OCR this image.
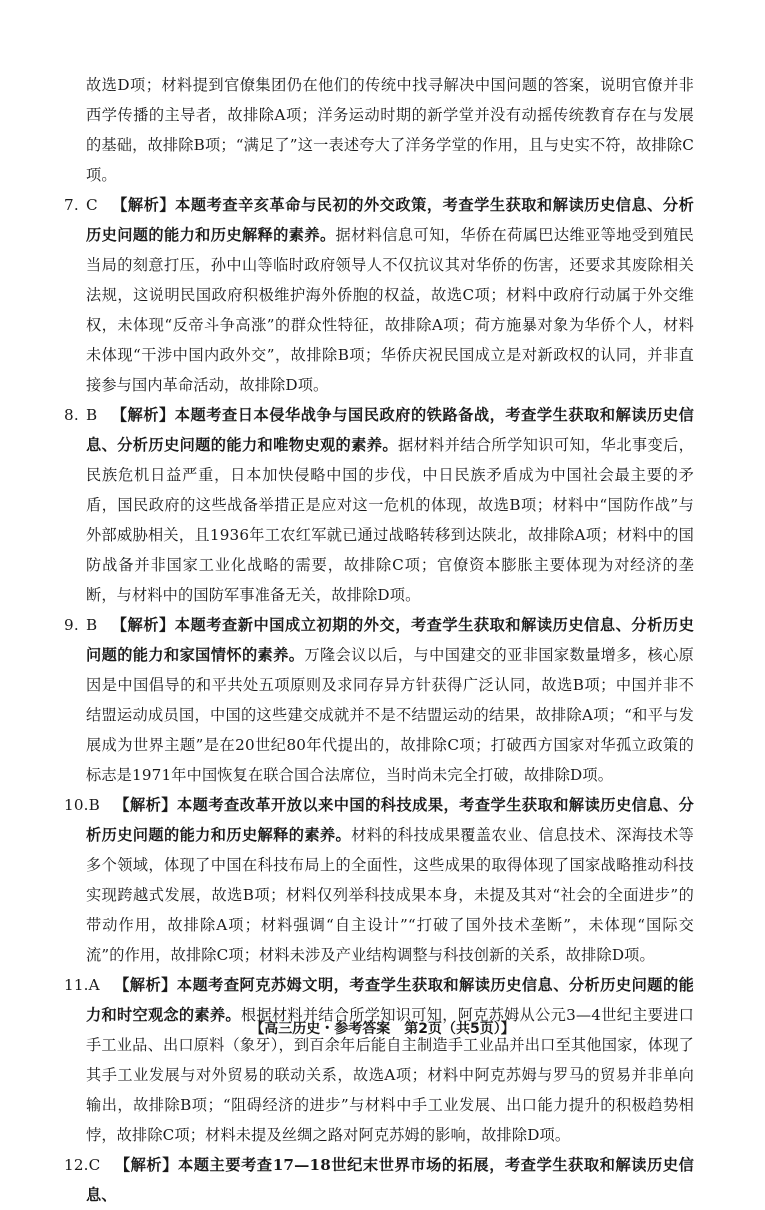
故选D项；材料提到官僚集团仍在他们的传统中找寻解决中国问题的答案，说明官僚并非西学传播的主导者，故排除A项；洋务运动时期的新学堂并没有动摇传统教育存在与发展的基础，故排除B项；“满足了”这一表述夸大了洋务学堂的作用，且与史实不符，故排除C项。

7. C 【解析】本题考查辛亥革命与民初的外交政策，考查学生获取和解读历史信息、分析历史问题的能力和历史解释的素养。据材料信息可知，华侨在荷属巴达维亚等地受到殖民当局的刻意打压，孙中山等临时政府领导人不仅抗议其对华侨的伤害，还要求其废除相关法规，这说明民国政府积极维护海外侨胞的权益，故选C项；材料中政府行动属于外交维权，未体现“反帝斗争高涨”的群众性特征，故排除A项；荷方施暴对象为华侨个人，材料未体现“干涉中国内政外交”，故排除B项；华侨庆祝民国成立是对新政权的认同，并非直接参与国内革命活动，故排除D项。

8. B 【解析】本题考查日本侵华战争与国民政府的铁路备战，考查学生获取和解读历史信息、分析历史问题的能力和唯物史观的素养。据材料并结合所学知识可知，华北事变后，民族危机日益严重，日本加快侵略中国的步伐，中日民族矛盾成为中国社会最主要的矛盾，国民政府的这些战备举措正是应对这一危机的体现，故选B项；材料中“国防作战”与外部威胁相关，且1936年工农红军就已通过战略转移到达陕北，故排除A项；材料中的国防战备并非国家工业化战略的需要，故排除C项；官僚资本膨胀主要体现为对经济的垄断，与材料中的国防军事准备无关，故排除D项。

9. B 【解析】本题考查新中国成立初期的外交，考查学生获取和解读历史信息、分析历史问题的能力和家国情怀的素养。万隆会议以后，与中国建交的亚非国家数量增多，核心原因是中国倡导的和平共处五项原则及求同存异方针获得广泛认同，故选B项；中国并非不结盟运动成员国，中国的这些建交成就并不是不结盟运动的结果，故排除A项；“和平与发展成为世界主题”是在20世纪80年代提出的，故排除C项；打破西方国家对华孤立政策的标志是1971年中国恢复在联合国合法席位，当时尚未完全打破，故排除D项。

10.B 【解析】本题考查改革开放以来中国的科技成果，考查学生获取和解读历史信息、分析历史问题的能力和历史解释的素养。材料的科技成果覆盖农业、信息技术、深海技术等多个领域，体现了中国在科技布局上的全面性，这些成果的取得体现了国家战略推动科技实现跨越式发展，故选B项；材料仅列举科技成果本身，未提及其对“社会的全面进步”的带动作用，故排除A项；材料强调“自主设计”“打破了国外技术垄断”，未体现“国际交流”的作用，故排除C项；材料未涉及产业结构调整与科技创新的关系，故排除D项。

11.A 【解析】本题考查阿克苏姆文明，考查学生获取和解读历史信息、分析历史问题的能力和时空观念的素养。根据材料并结合所学知识可知，阿克苏姆从公元3—4世纪主要进口手工业品、出口原料（象牙），到百余年后能自主制造手工业品并出口至其他国家，体现了其手工业发展与对外贸易的联动关系，故选A项；材料中阿克苏姆与罗马的贸易并非单向输出，故排除B项；“阻碍经济的进步”与材料中手工业发展、出口能力提升的积极趋势相悖，故排除C项；材料未提及丝绸之路对阿克苏姆的影响，故排除D项。

12.C 【解析】本题主要考查17—18世纪末世界市场的拓展，考查学生获取和解读历史信息、

【高三历史・参考答案　第2页（共5页）】
